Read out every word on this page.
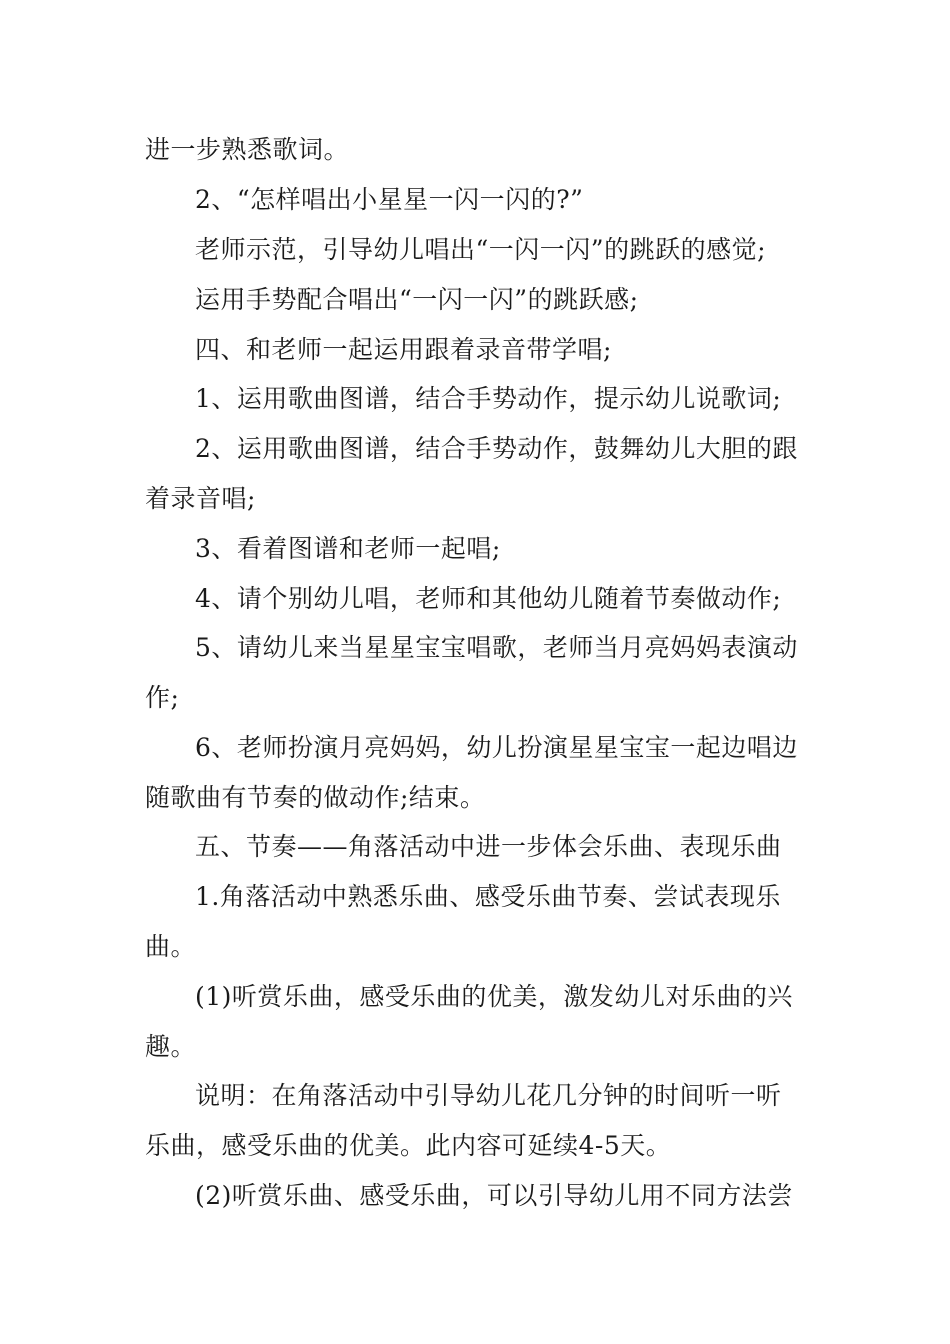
进一步熟悉歌词。
2、“怎样唱出小星星一闪一闪的?”
老师示范，引导幼儿唱出“一闪一闪”的跳跃的感觉;
运用手势配合唱出“一闪一闪”的跳跃感;
四、和老师一起运用跟着录音带学唱;
1、运用歌曲图谱，结合手势动作，提示幼儿说歌词;
2、运用歌曲图谱，结合手势动作，鼓舞幼儿大胆的跟
着录音唱;
3、看着图谱和老师一起唱;
4、请个别幼儿唱，老师和其他幼儿随着节奏做动作;
5、请幼儿来当星星宝宝唱歌，老师当月亮妈妈表演动
作;
6、老师扮演月亮妈妈，幼儿扮演星星宝宝一起边唱边
随歌曲有节奏的做动作;结束。
五、节奏——角落活动中进一步体会乐曲、表现乐曲
1.角落活动中熟悉乐曲、感受乐曲节奏、尝试表现乐
曲。
(1)听赏乐曲，感受乐曲的优美，激发幼儿对乐曲的兴
趣。
说明：在角落活动中引导幼儿花几分钟的时间听一听
乐曲，感受乐曲的优美。此内容可延续4-5天。
(2)听赏乐曲、感受乐曲，可以引导幼儿用不同方法尝
